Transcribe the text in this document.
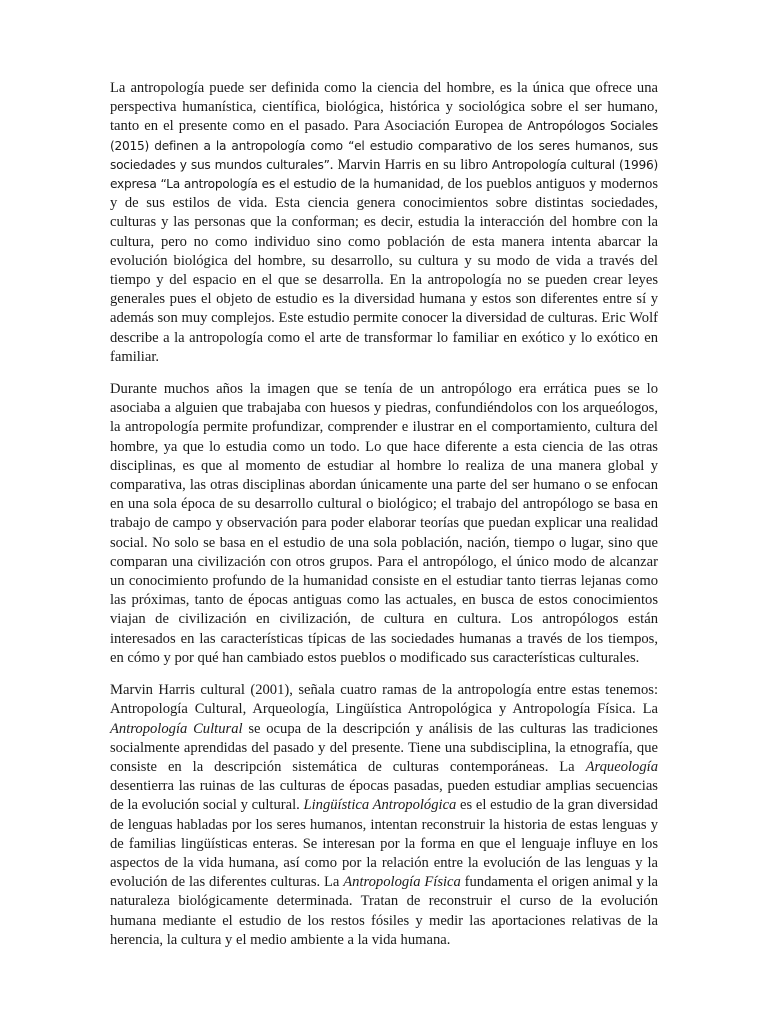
La antropología puede ser definida como la ciencia del hombre, es la única que ofrece una perspectiva humanística, científica, biológica, histórica y sociológica sobre el ser humano, tanto en el presente como en el pasado. Para Asociación Europea de Antropólogos Sociales (2015) definen a la antropología como “el estudio comparativo de los seres humanos, sus sociedades y sus mundos culturales”. Marvin Harris en su libro Antropología cultural (1996) expresa “La antropología es el estudio de la humanidad, de los pueblos antiguos y modernos y de sus estilos de vida. Esta ciencia genera conocimientos sobre distintas sociedades, culturas y las personas que la conforman; es decir, estudia la interacción del hombre con la cultura, pero no como individuo sino como población de esta manera intenta abarcar la evolución biológica del hombre, su desarrollo, su cultura y su modo de vida a través del tiempo y del espacio en el que se desarrolla. En la antropología no se pueden crear leyes generales pues el objeto de estudio es la diversidad humana y estos son diferentes entre sí y además son muy complejos. Este estudio permite conocer la diversidad de culturas. Eric Wolf describe a la antropología como el arte de transformar lo familiar en exótico y lo exótico en familiar.

Durante muchos años la imagen que se tenía de un antropólogo era errática pues se lo asociaba a alguien que trabajaba con huesos y piedras, confundiéndolos con los arqueólogos, la antropología permite profundizar, comprender e ilustrar en el comportamiento, cultura del hombre, ya que lo estudia como un todo. Lo que hace diferente a esta ciencia de las otras disciplinas, es que al momento de estudiar al hombre lo realiza de una manera global y comparativa, las otras disciplinas abordan únicamente una parte del ser humano o se enfocan en una sola época de su desarrollo cultural o biológico; el trabajo del antropólogo se basa en trabajo de campo y observación para poder elaborar teorías que puedan explicar una realidad social. No solo se basa en el estudio de una sola población, nación, tiempo o lugar, sino que comparan una civilización con otros grupos. Para el antropólogo, el único modo de alcanzar un conocimiento profundo de la humanidad consiste en el estudiar tanto tierras lejanas como las próximas, tanto de épocas antiguas como las actuales, en busca de estos conocimientos viajan de civilización en civilización, de cultura en cultura. Los antropólogos están interesados en las características típicas de las sociedades humanas a través de los tiempos, en cómo y por qué han cambiado estos pueblos o modificado sus características culturales.

Marvin Harris cultural (2001), señala cuatro ramas de la antropología entre estas tenemos: Antropología Cultural, Arqueología, Lingüística Antropológica y Antropología Física. La Antropología Cultural se ocupa de la descripción y análisis de las culturas las tradiciones socialmente aprendidas del pasado y del presente. Tiene una subdisciplina, la etnografía, que consiste en la descripción sistemática de culturas contemporáneas. La Arqueología desentierra las ruinas de las culturas de épocas pasadas, pueden estudiar amplias secuencias de la evolución social y cultural. Lingüística Antropológica es el estudio de la gran diversidad de lenguas habladas por los seres humanos, intentan reconstruir la historia de estas lenguas y de familias lingüísticas enteras. Se interesan por la forma en que el lenguaje influye en los aspectos de la vida humana, así como por la relación entre la evolución de las lenguas y la evolución de las diferentes culturas. La Antropología Física fundamenta el origen animal y la naturaleza biológicamente determinada. Tratan de reconstruir el curso de la evolución humana mediante el estudio de los restos fósiles y medir las aportaciones relativas de la herencia, la cultura y el medio ambiente a la vida humana.
